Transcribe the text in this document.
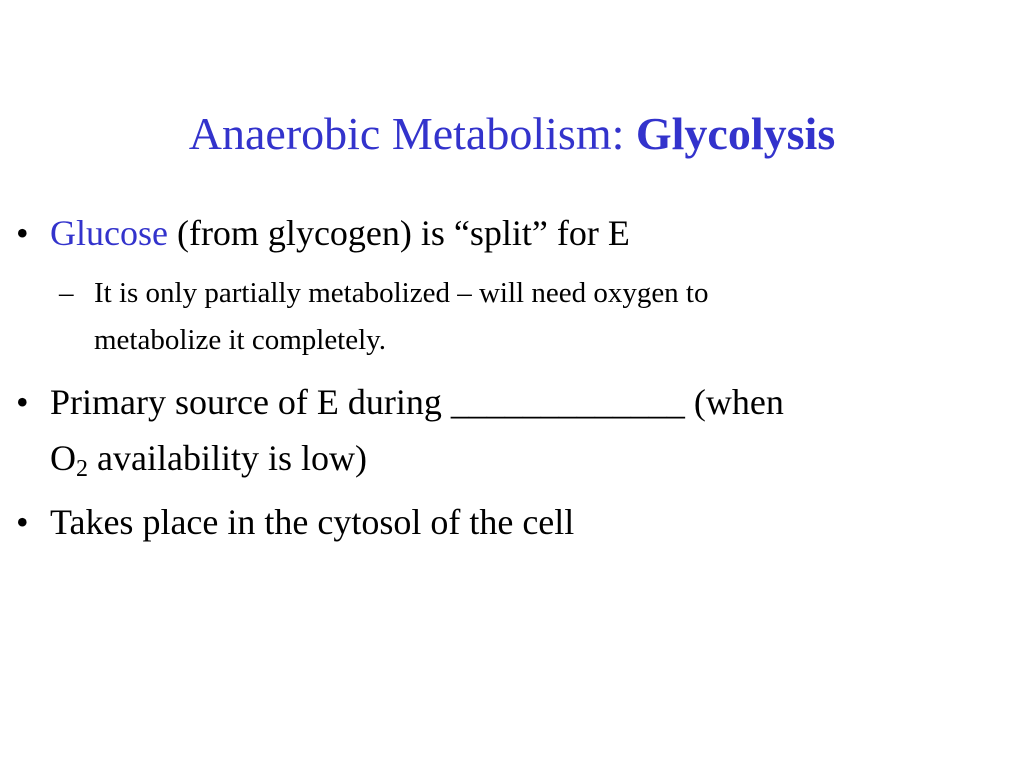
Anaerobic Metabolism: Glycolysis
• Glucose (from glycogen) is “split” for E
– It is only partially metabolized – will need oxygen to
metabolize it completely.
• Primary source of E during _____________ (when
$O_2$ availability is low)
• Takes place in the cytosol of the cell
